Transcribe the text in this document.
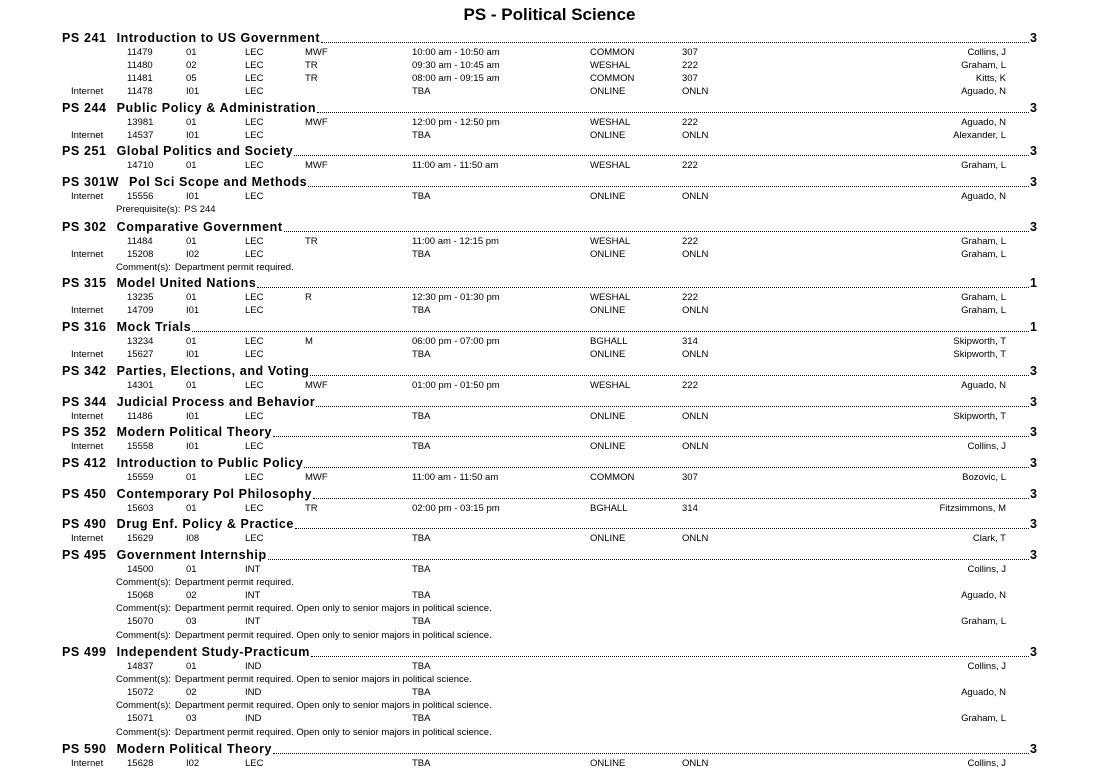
PS - Political Science
PS 241 Introduction to US Government	3
11479	01	LEC	MWF	10:00 am - 10:50 am	COMMON	307	Collins, J
11480	02	LEC	TR	09:30 am - 10:45 am	WESHAL	222	Graham, L
11481	05	LEC	TR	08:00 am - 09:15 am	COMMON	307	Kitts, K
Internet	11478	I01	LEC	TBA	ONLINE	ONLN	Aguado, N
PS 244 Public Policy & Administration	3
13981	01	LEC	MWF	12:00 pm - 12:50 pm	WESHAL	222	Aguado, N
Internet	14537	I01	LEC	TBA	ONLINE	ONLN	Alexander, L
PS 251 Global Politics and Society	3
14710	01	LEC	MWF	11:00 am - 11:50 am	WESHAL	222	Graham, L
PS 301W Pol Sci Scope and Methods	3
Internet	15556	I01	LEC	TBA	ONLINE	ONLN	Aguado, N
Prerequisite(s): PS 244
PS 302 Comparative Government	3
11484	01	LEC	TR	11:00 am - 12:15 pm	WESHAL	222	Graham, L
Internet	15208	I02	LEC	TBA	ONLINE	ONLN	Graham, L
Comment(s): Department permit required.
PS 315 Model United Nations	1
13235	01	LEC	R	12:30 pm - 01:30 pm	WESHAL	222	Graham, L
Internet	14709	I01	LEC	TBA	ONLINE	ONLN	Graham, L
PS 316 Mock Trials	1
13234	01	LEC	M	06:00 pm - 07:00 pm	BGHALL	314	Skipworth, T
Internet	15627	I01	LEC	TBA	ONLINE	ONLN	Skipworth, T
PS 342 Parties, Elections, and Voting	3
14301	01	LEC	MWF	01:00 pm - 01:50 pm	WESHAL	222	Aguado, N
PS 344 Judicial Process and Behavior	3
Internet	11486	I01	LEC	TBA	ONLINE	ONLN	Skipworth, T
PS 352 Modern Political Theory	3
Internet	15558	I01	LEC	TBA	ONLINE	ONLN	Collins, J
PS 412 Introduction to Public Policy	3
15559	01	LEC	MWF	11:00 am - 11:50 am	COMMON	307	Bozovic, L
PS 450 Contemporary Pol Philosophy	3
15603	01	LEC	TR	02:00 pm - 03:15 pm	BGHALL	314	Fitzsimmons, M
PS 490 Drug Enf. Policy & Practice	3
Internet	15629	I08	LEC	TBA	ONLINE	ONLN	Clark, T
PS 495 Government Internship	3
14500	01	INT	TBA	Collins, J
Comment(s): Department permit required.
15068	02	INT	TBA	Aguado, N
Comment(s): Department permit required. Open only to senior majors in political science.
15070	03	INT	TBA	Graham, L
Comment(s): Department permit required. Open only to senior majors in political science.
PS 499 Independent Study-Practicum	3
14837	01	IND	TBA	Collins, J
Comment(s): Department permit required. Open to senior majors in political science.
15072	02	IND	TBA	Aguado, N
Comment(s): Department permit required. Open only to senior majors in political science.
15071	03	IND	TBA	Graham, L
Comment(s): Department permit required. Open only to senior majors in political science.
PS 590 Modern Political Theory	3
Internet	15628	I02	LEC	TBA	ONLINE	ONLN	Collins, J
